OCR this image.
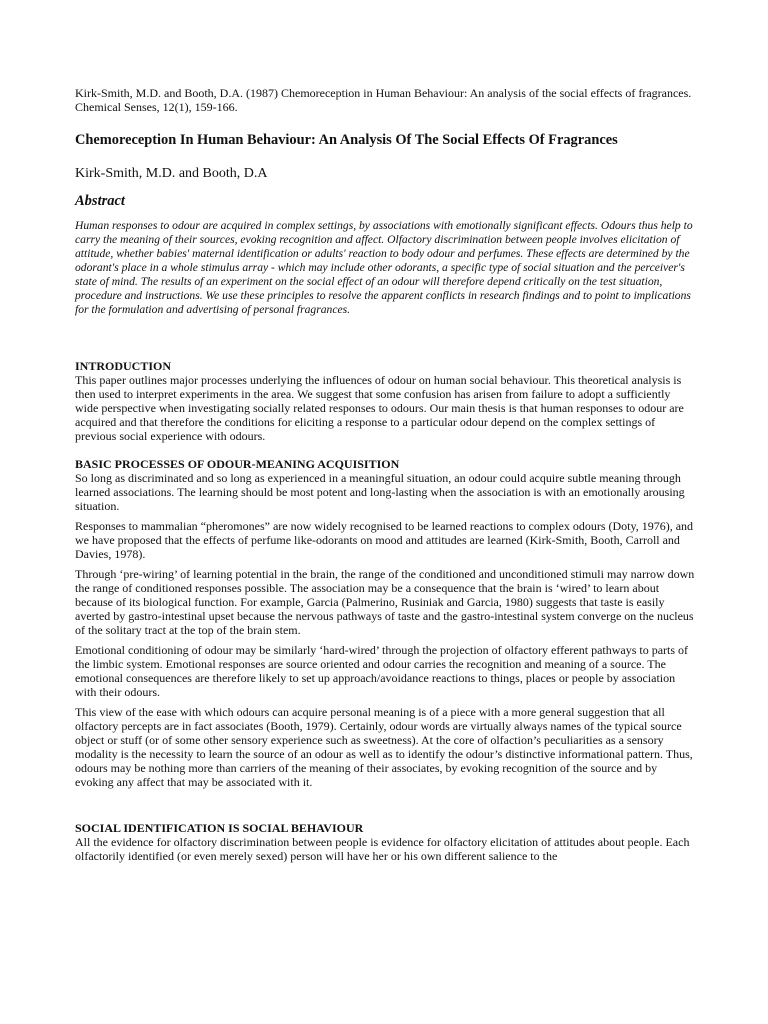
Kirk-Smith, M.D. and Booth, D.A. (1987) Chemoreception in Human Behaviour: An analysis of the social effects of fragrances. Chemical Senses, 12(1), 159-166.

Chemoreception In Human Behaviour: An Analysis Of The Social Effects Of Fragrances

Kirk-Smith, M.D. and Booth, D.A

Abstract

Human responses to odour are acquired in complex settings, by associations with emotionally significant effects. Odours thus help to carry the meaning of their sources, evoking recognition and affect. Olfactory discrimination between people involves elicitation of attitude, whether babies' maternal identification or adults' reaction to body odour and perfumes. These effects are determined by the odorant's place in a whole stimulus array - which may include other odorants, a specific type of social situation and the perceiver's state of mind. The results of an experiment on the social effect of an odour will therefore depend critically on the test situation, procedure and instructions. We use these principles to resolve the apparent conflicts in research findings and to point to implications for the formulation and advertising of personal fragrances.

INTRODUCTION

This paper outlines major processes underlying the influences of odour on human social behaviour. This theoretical analysis is then used to interpret experiments in the area. We suggest that some confusion has arisen from failure to adopt a sufficiently wide perspective when investigating socially related responses to odours. Our main thesis is that human responses to odour are acquired and that therefore the conditions for eliciting a response to a particular odour depend on the complex settings of previous social experience with odours.

BASIC PROCESSES OF ODOUR-MEANING ACQUISITION

So long as discriminated and so long as experienced in a meaningful situation, an odour could acquire subtle meaning through learned associations. The learning should be most potent and long-lasting when the association is with an emotionally arousing situation.

Responses to mammalian “pheromones” are now widely recognised to be learned reactions to complex odours (Doty, 1976), and we have proposed that the effects of perfume like-odorants on mood and attitudes are learned (Kirk-Smith, Booth, Carroll and Davies, 1978).

Through ‘pre-wiring’ of learning potential in the brain, the range of the conditioned and unconditioned stimuli may narrow down the range of conditioned responses possible. The association may be a consequence that the brain is ‘wired’ to learn about because of its biological function. For example, Garcia (Palmerino, Rusiniak and Garcia, 1980) suggests that taste is easily averted by gastro-intestinal upset because the nervous pathways of taste and the gastro-intestinal system converge on the nucleus of the solitary tract at the top of the brain stem.

Emotional conditioning of odour may be similarly ‘hard-wired’ through the projection of olfactory efferent pathways to parts of the limbic system. Emotional responses are source oriented and odour carries the recognition and meaning of a source. The emotional consequences are therefore likely to set up approach/avoidance reactions to things, places or people by association with their odours.

This view of the ease with which odours can acquire personal meaning is of a piece with a more general suggestion that all olfactory percepts are in fact associates (Booth, 1979). Certainly, odour words are virtually always names of the typical source object or stuff (or of some other sensory experience such as sweetness). At the core of olfaction’s peculiarities as a sensory modality is the necessity to learn the source of an odour as well as to identify the odour’s distinctive informational pattern. Thus, odours may be nothing more than carriers of the meaning of their associates, by evoking recognition of the source and by evoking any affect that may be associated with it.

SOCIAL IDENTIFICATION IS SOCIAL BEHAVIOUR

All the evidence for olfactory discrimination between people is evidence for olfactory elicitation of attitudes about people. Each olfactorily identified (or even merely sexed) person will have her or his own different salience to the
